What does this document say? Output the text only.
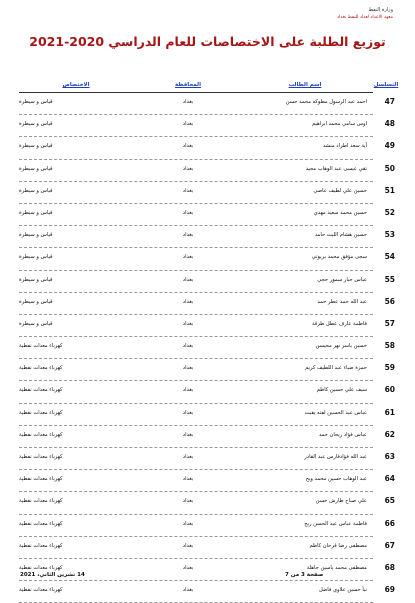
وزارة النفط
معهد الاعداد لعداد للنفط بغداد
توزيع الطلبة على الاختصاصات للعام الدراسي 2020-2021
التسلسل
اسم الطالب
المحافظة
الاختصاص
47
احمد عبد الرسول مطوكه محمد حسن
بغداد
قياس و سيطرة
48
اوس سامي محمد ابراهيم
بغداد
قياس و سيطرة
49
آية سعد اطراد منشد
بغداد
قياس و سيطرة
50
تقي عيسى عبد الوهاب مجيد
بغداد
قياس و سيطرة
51
حسين علي لطيف عاصي
بغداد
قياس و سيطرة
52
حسين محمد سعيد مهدي
بغداد
قياس و سيطرة
53
حسين هشام الليث حامد
بغداد
قياس و سيطرة
54
سجى مؤفق محمد بريوتي
بغداد
قياس و سيطرة
55
عباس جبار سمور حجي
بغداد
قياس و سيطرة
56
عبد الله حمد عطر حمد
بغداد
قياس و سيطرة
57
فاطمة عارف عطل طرقة
بغداد
قياس و سيطرة
58
حسين ياسر نهر محيسن
بغداد
كهرباء معدات نفطية
59
حمزة ضياء عبد اللطيف كريم
بغداد
كهرباء معدات نفطية
60
سيف علي حسين كاظم
بغداد
كهرباء معدات نفطية
61
عباس عبد الحسين لفته يقيت
بغداد
كهرباء معدات نفطية
62
عباس فؤاد ريحان حمد
بغداد
كهرباء معدات نفطية
63
عبد الله فؤادفارس عبد القادر
بغداد
كهرباء معدات نفطية
64
عبد الوهاب حسين محمد ويح
بغداد
كهرباء معدات نفطية
65
علي صباح طارش حسن
بغداد
كهرباء معدات نفطية
66
فاطمة عباس عبد الحسن ربح
بغداد
كهرباء معدات نفطية
67
مصطفى رضا قرحان كاظم
بغداد
كهرباء معدات نفطية
68
مصطفى محمد ياسين جاهلة
بغداد
كهرباء معدات نفطية
69
نبأ حسين علاوي فاضل
بغداد
كهرباء معدات نفطية
14 تشرين الثاني، 2021	صفحة 3 من 7
